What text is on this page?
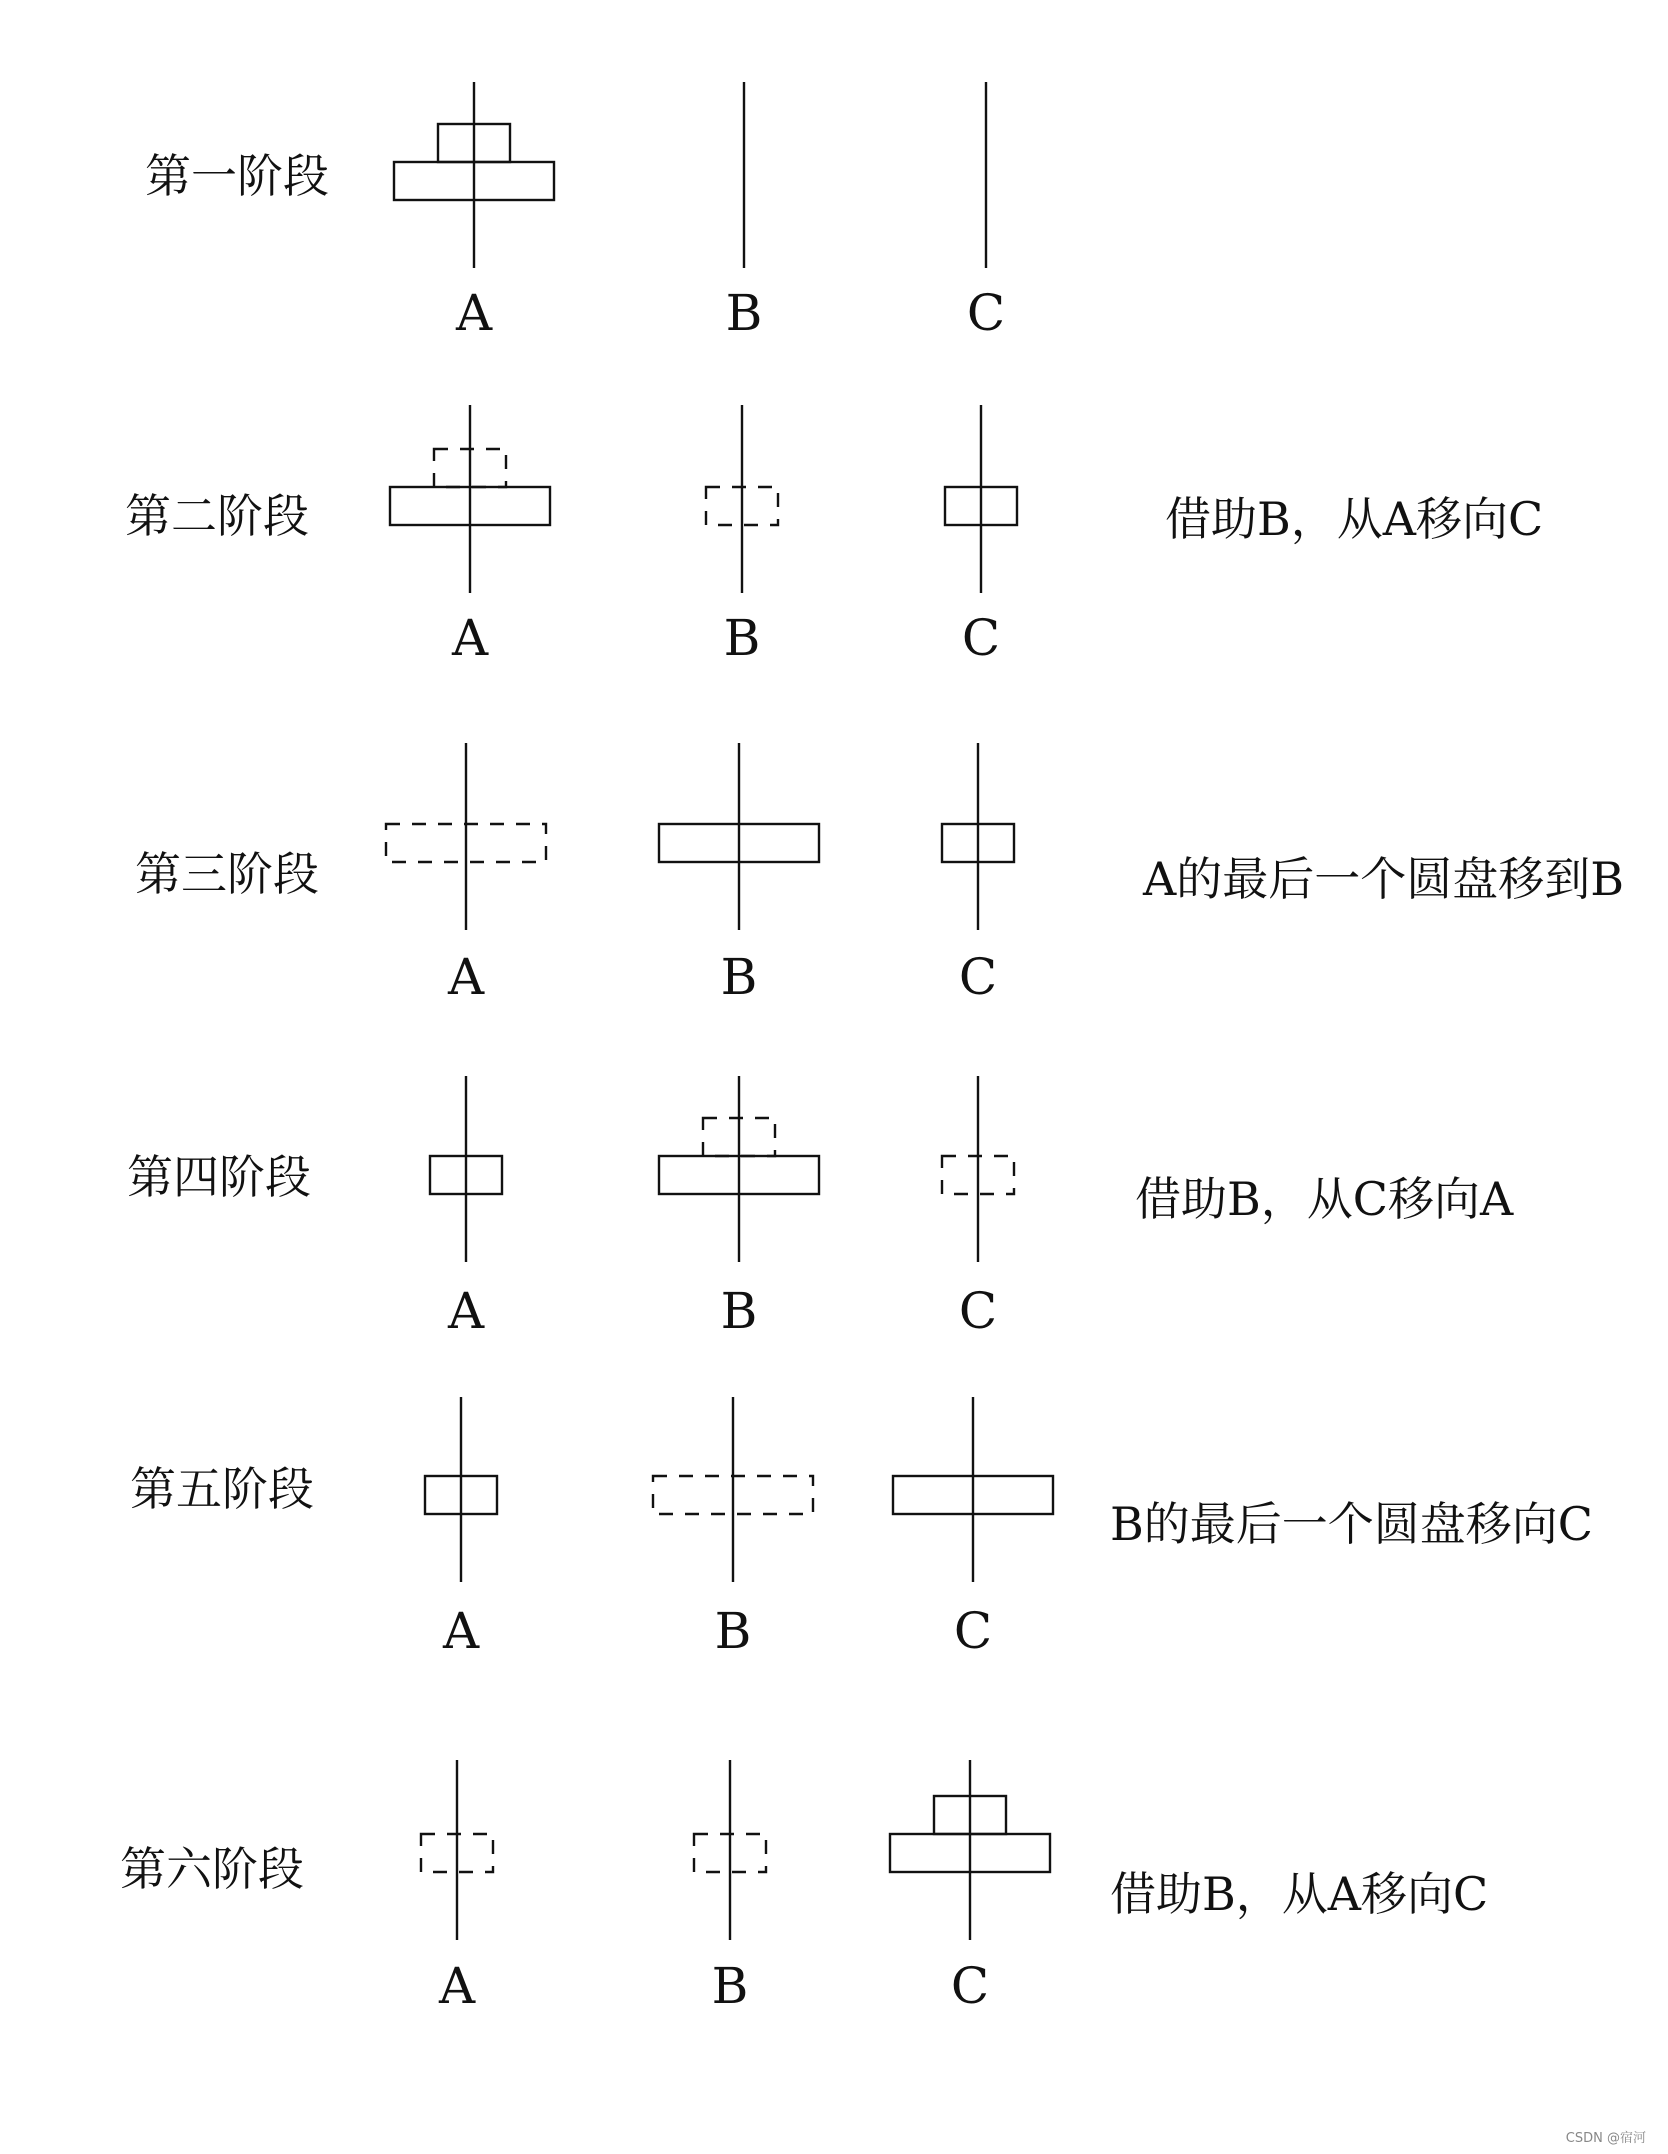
第一阶段
A	B	C
第二阶段	借助B，从A移向C
A	B	C
第三阶段	A的最后一个圆盘移到B
A	B	C
第四阶段	借助B，从C移向A
A	B	C
第五阶段
B的最后一个圆盘移向C
A	B	C
第六阶段	借助B，从A移向C
A	B	C
CSDN @宿河
